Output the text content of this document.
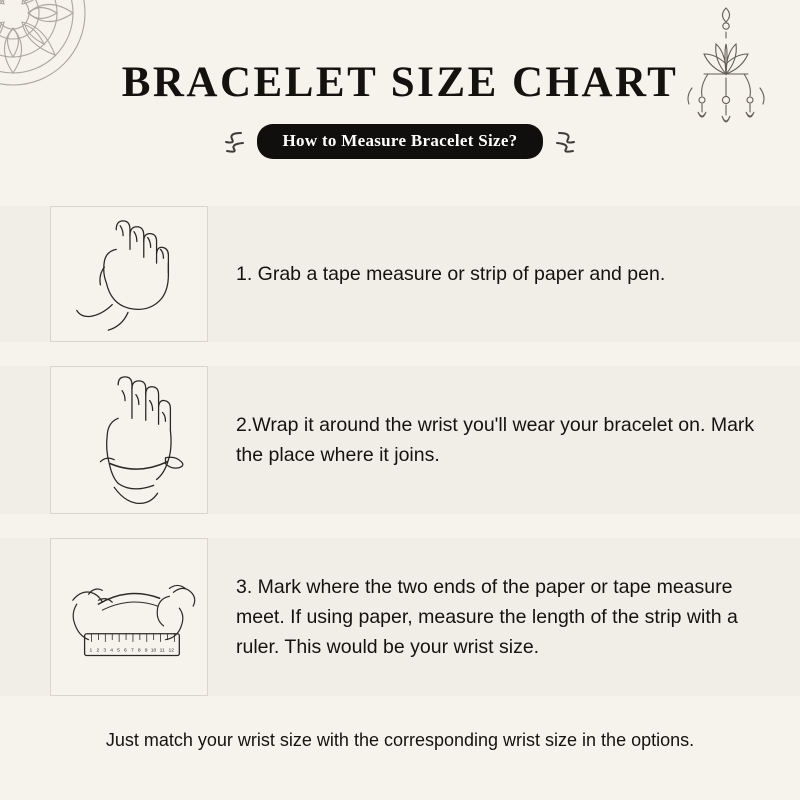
BRACELET SIZE CHART
How to Measure Bracelet Size?
1. Grab a tape measure or strip of paper and pen.
2.Wrap it around the wrist you'll wear your bracelet on. Mark the place where it joins.
1 2 3 4 5 6 7 8 9 10 11 12
3. Mark where the two ends of the paper or tape measure meet. If using paper, measure the length of the strip with a ruler. This would be your wrist size.
Just match your wrist size with the corresponding wrist size in the options.
